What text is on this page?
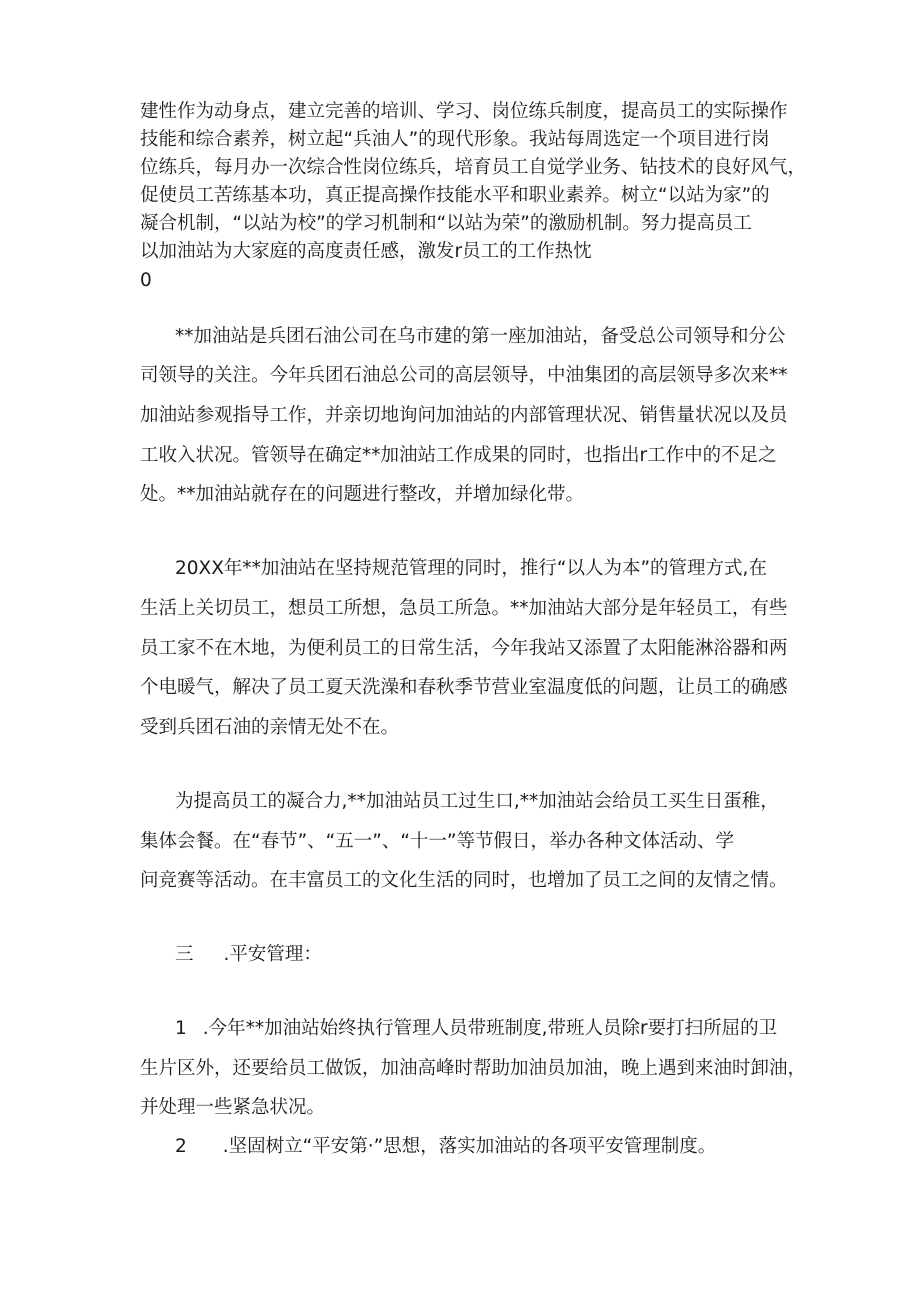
建性作为动身点，建立完善的培训、学习、岗位练兵制度，提高员工的实际操作
技能和综合素养，树立起“兵油人”的现代形象。我站每周选定一个项目进行岗
位练兵，每月办一次综合性岗位练兵，培育员工自觉学业务、钻技术的良好风气，
促使员工苦练基本功，真正提高操作技能水平和职业素养。树立“以站为家”的
凝合机制，“以站为校”的学习机制和“以站为荣”的激励机制。努力提高员工
以加油站为大家庭的高度责任感，激发r员工的工作热忱
0
**加油站是兵团石油公司在乌市建的第一座加油站，备受总公司领导和分公
司领导的关注。今年兵团石油总公司的高层领导，中油集团的高层领导多次来**
加油站参观指导工作，并亲切地询问加油站的内部管理状况、销售量状况以及员
工收入状况。管领导在确定**加油站工作成果的同时，也指出r工作中的不足之
处。**加油站就存在的问题进行整改，并增加绿化带。
20XX年**加油站在坚持规范管理的同时，推行“以人为本”的管理方式,在
生活上关切员工，想员工所想，急员工所急。**加油站大部分是年轻员工，有些
员工家不在木地，为便利员工的日常生活，今年我站又添置了太阳能淋浴器和两
个电暖气，解决了员工夏天洗澡和春秋季节营业室温度低的问题，让员工的确感
受到兵团石油的亲情无处不在。
为提高员工的凝合力,**加油站员工过生口,**加油站会给员工买生日蛋稚，
集体会餐。在“春节”、“五一”、“十一”等节假日，举办各种文体活动、学
问竞赛等活动。在丰富员工的文化生活的同时，也增加了员工之间的友情之情。
三 .平安管理：
1 .今年**加油站始终执行管理人员带班制度,带班人员除r要打扫所屈的卫
生片区外，还要给员工做饭，加油高峰时帮助加油员加油，晚上遇到来油时卸油，
并处理一些紧急状况。
2 .坚固树立“平安第·”思想，落实加油站的各项平安管理制度。
